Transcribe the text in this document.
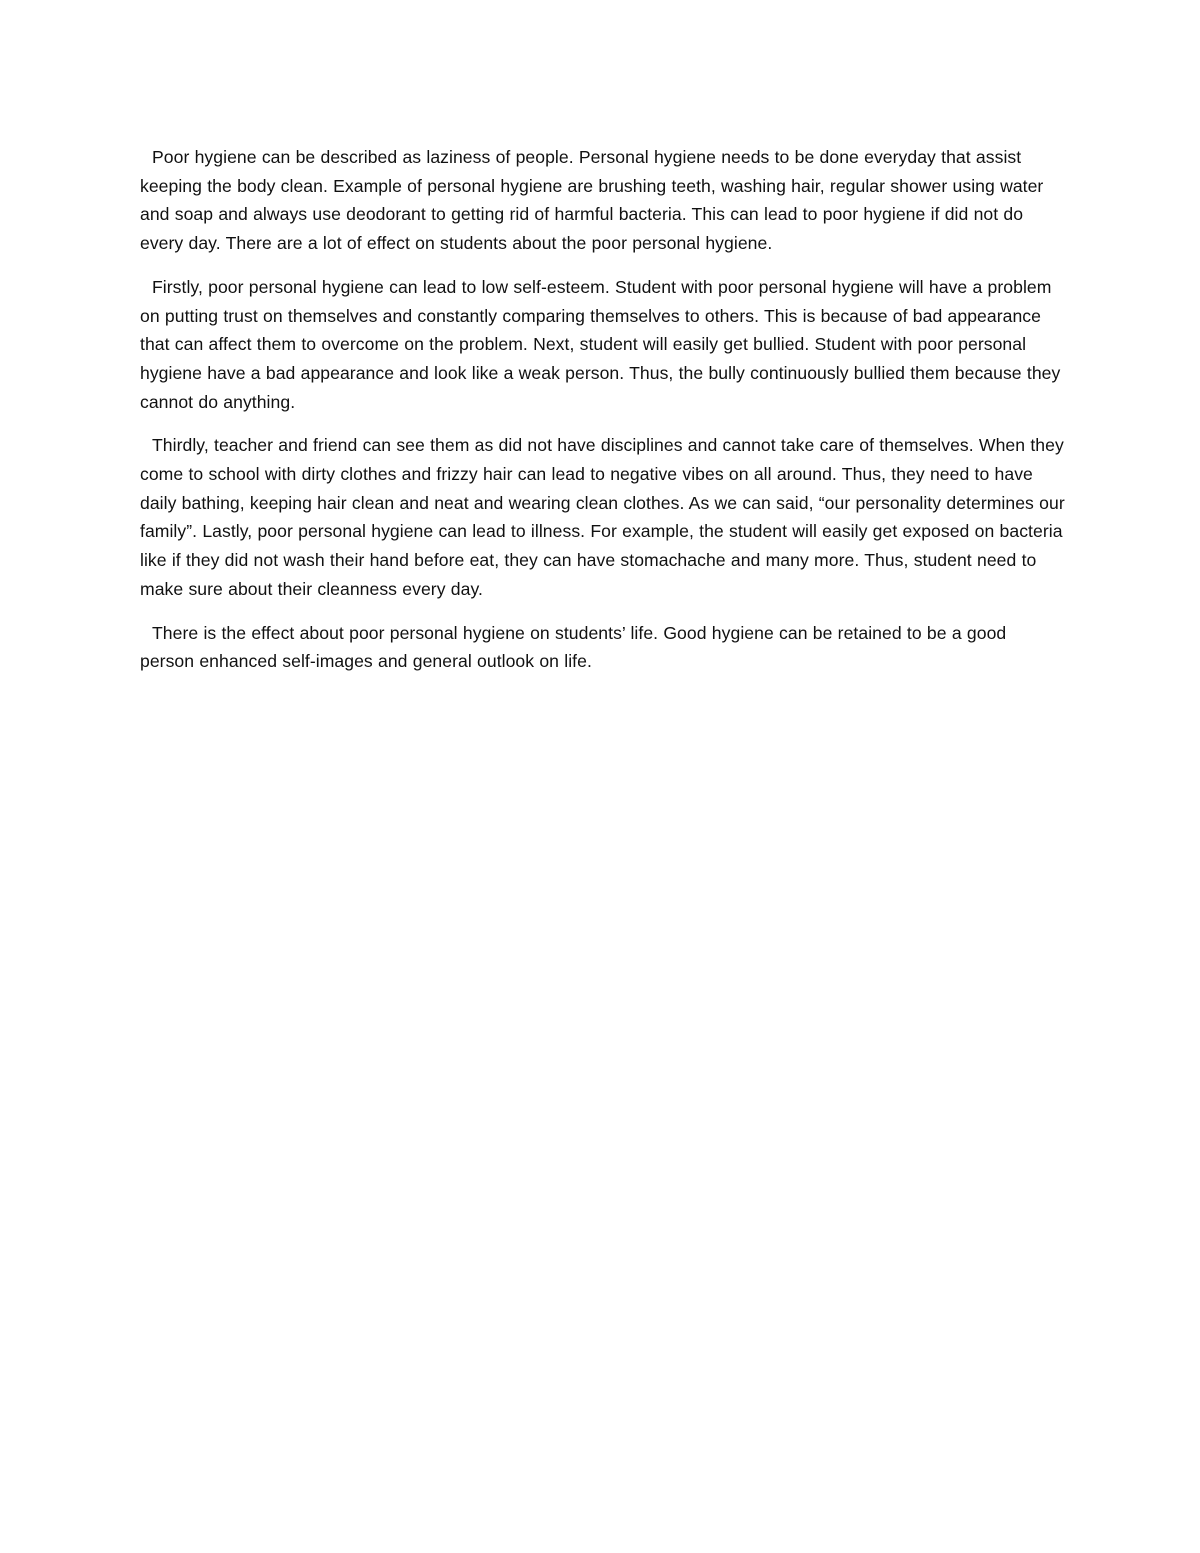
Poor hygiene can be described as laziness of people. Personal hygiene needs to be done everyday that assist keeping the body clean. Example of personal hygiene are brushing teeth, washing hair, regular shower using water and soap and always use deodorant to getting rid of harmful bacteria. This can lead to poor hygiene if did not do every day. There are a lot of effect on students about the poor personal hygiene.

Firstly, poor personal hygiene can lead to low self-esteem. Student with poor personal hygiene will have a problem on putting trust on themselves and constantly comparing themselves to others. This is because of bad appearance that can affect them to overcome on the problem. Next, student will easily get bullied. Student with poor personal hygiene have a bad appearance and look like a weak person. Thus, the bully continuously bullied them because they cannot do anything.

Thirdly, teacher and friend can see them as did not have disciplines and cannot take care of themselves. When they come to school with dirty clothes and frizzy hair can lead to negative vibes on all around. Thus, they need to have daily bathing, keeping hair clean and neat and wearing clean clothes. As we can said, “our personality determines our family”. Lastly, poor personal hygiene can lead to illness. For example, the student will easily get exposed on bacteria like if they did not wash their hand before eat, they can have stomachache and many more. Thus, student need to make sure about their cleanness every day.

There is the effect about poor personal hygiene on students’ life. Good hygiene can be retained to be a good person enhanced self-images and general outlook on life.
